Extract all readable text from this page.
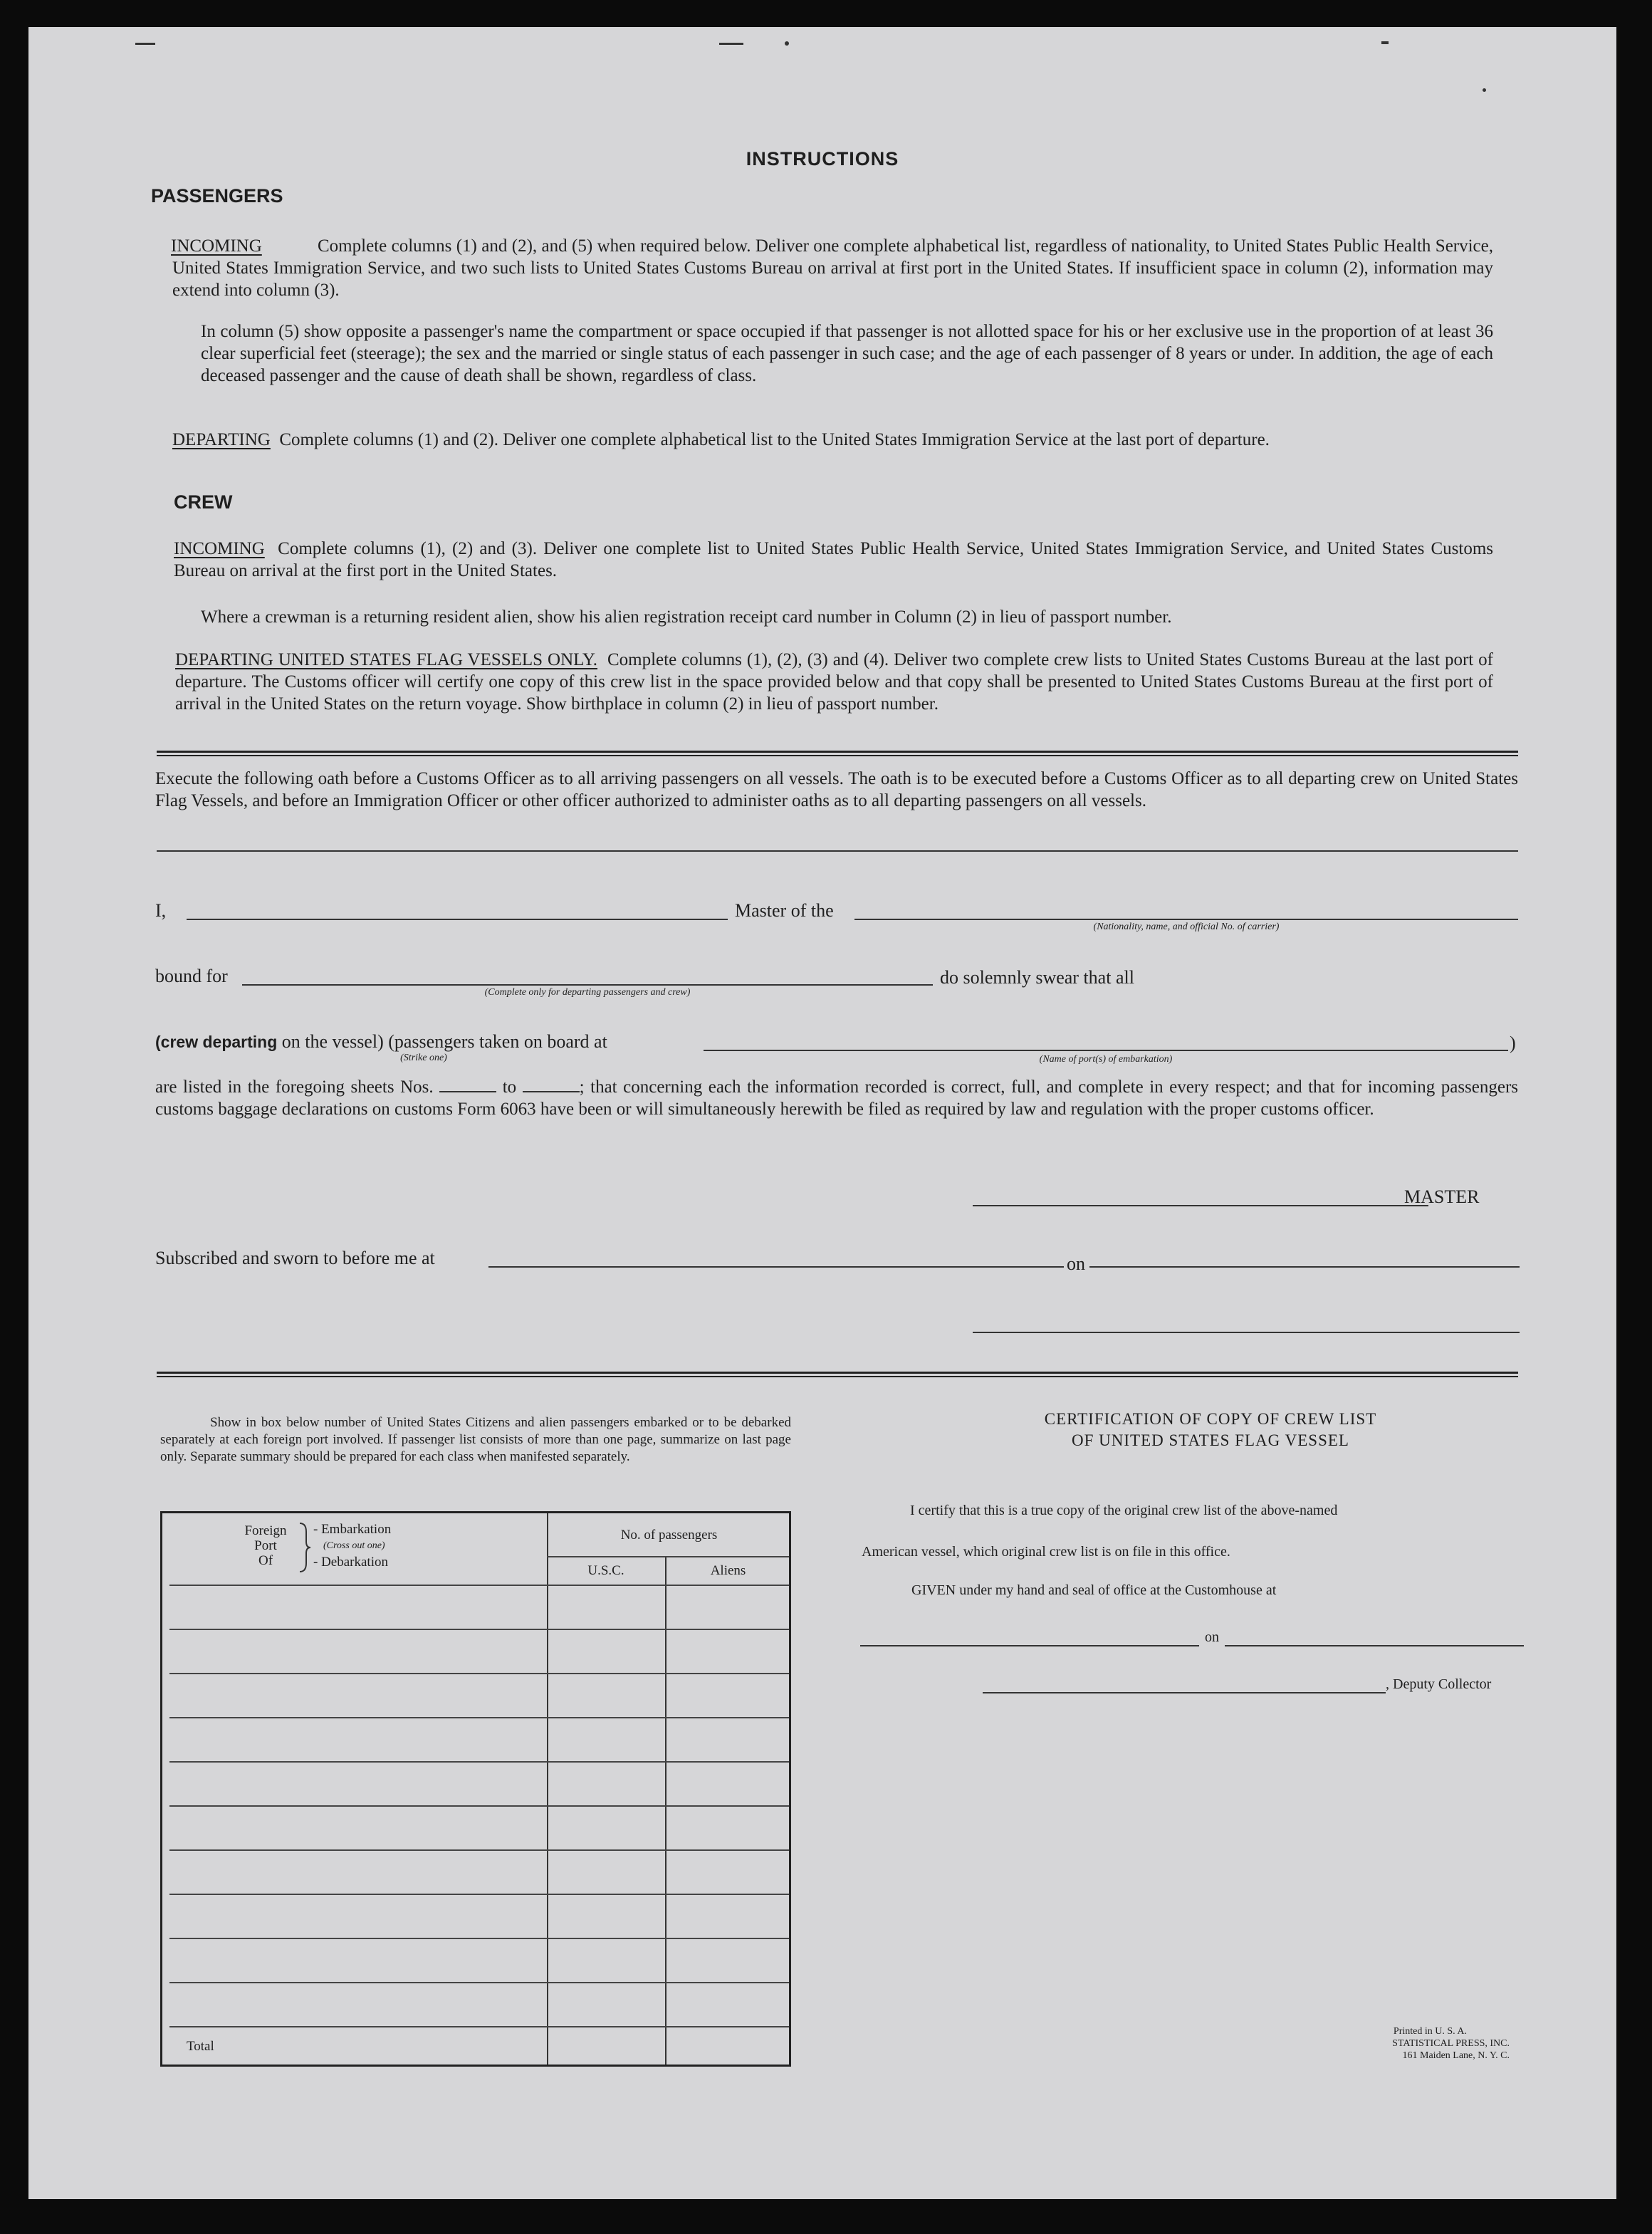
INSTRUCTIONS
PASSENGERS
INCOMING	Complete columns (1) and (2), and (5) when required below. Deliver one complete alphabetical list, regardless of nationality, to United States Public Health Service, United States Immigration Service, and two such lists to United States Customs Bureau on arrival at first port in the United States. If insufficient space in column (2), information may extend into column (3).
In column (5) show opposite a passenger's name the compartment or space occupied if that passenger is not allotted space for his or her exclusive use in the proportion of at least 36 clear superficial feet (steerage); the sex and the married or single status of each passenger in such case; and the age of each passenger of 8 years or under. In addition, the age of each deceased passenger and the cause of death shall be shown, regardless of class.
DEPARTING Complete columns (1) and (2). Deliver one complete alphabetical list to the United States Immigration Service at the last port of departure.
CREW
INCOMING Complete columns (1), (2) and (3). Deliver one complete list to United States Public Health Service, United States Immigration Service, and United States Customs Bureau on arrival at the first port in the United States.
Where a crewman is a returning resident alien, show his alien registration receipt card number in Column (2) in lieu of passport number.
DEPARTING UNITED STATES FLAG VESSELS ONLY. Complete columns (1), (2), (3) and (4). Deliver two complete crew lists to United States Customs Bureau at the last port of departure. The Customs officer will certify one copy of this crew list in the space provided below and that copy shall be presented to United States Customs Bureau at the first port of arrival in the United States on the return voyage. Show birthplace in column (2) in lieu of passport number.
Execute the following oath before a Customs Officer as to all arriving passengers on all vessels. The oath is to be executed before a Customs Officer as to all departing crew on United States Flag Vessels, and before an Immigration Officer or other officer authorized to administer oaths as to all departing passengers on all vessels.
I,	Master of the
(Nationality, name, and official No. of carrier)
bound for
(Complete only for departing passengers and crew)
do solemnly swear that all
(crew departing on the vessel) (passengers taken on board at
(Strike one)
)
(Name of port(s) of embarkation)
are listed in the foregoing sheets Nos.	to	; that concerning each the information recorded is correct, full, and complete in every respect; and that for incoming passengers customs baggage declarations on customs Form 6063 have been or will simultaneously herewith be filed as required by law and regulation with the proper customs officer.
MASTER
Subscribed and sworn to before me at	on
Show in box below number of United States Citizens and alien passengers embarked or to be debarked separately at each foreign port involved. If passenger list consists of more than one page, summarize on last page only. Separate summary should be prepared for each class when manifested separately.
Foreign
Port
Of
- Embarkation
(Cross out one)
- Debarkation
No. of passengers
U.S.C.	Aliens
Total
CERTIFICATION OF COPY OF CREW LIST
OF UNITED STATES FLAG VESSEL
I certify that this is a true copy of the original crew list of the above-named
American vessel, which original crew list is on file in this office.
GIVEN under my hand and seal of office at the Customhouse at
on
, Deputy Collector
Printed in U. S. A.
STATISTICAL PRESS, INC.
161 Maiden Lane, N. Y. C.
